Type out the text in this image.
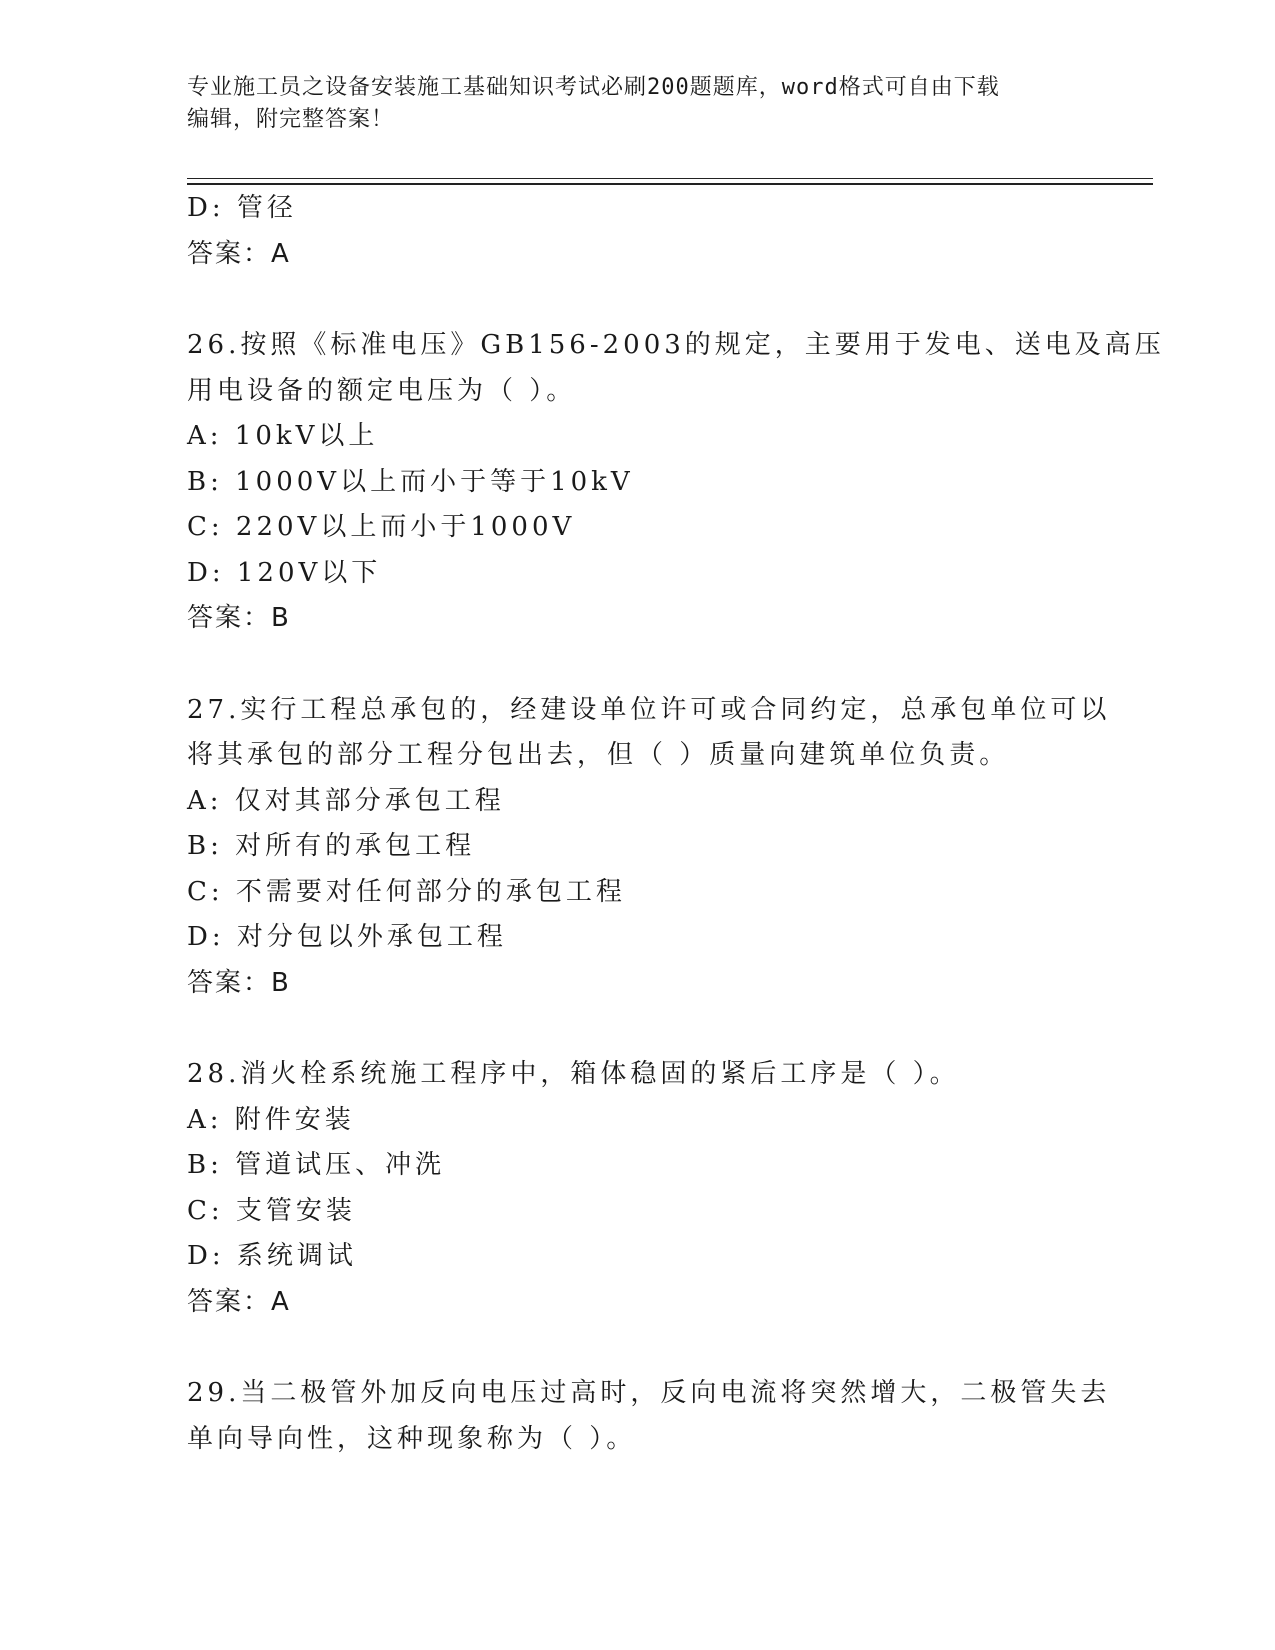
专业施工员之设备安装施工基础知识考试必刷200题题库，word格式可自由下载
编辑，附完整答案！
D: 管径
答案：A
26.按照《标准电压》GB156-2003的规定，主要用于发电、送电及高压
用电设备的额定电压为（ ）。
A: 10kV以上
B: 1000V以上而小于等于10kV
C: 220V以上而小于1000V
D: 120V以下
答案：B
27.实行工程总承包的，经建设单位许可或合同约定，总承包单位可以
将其承包的部分工程分包出去，但（ ）质量向建筑单位负责。
A: 仅对其部分承包工程
B: 对所有的承包工程
C: 不需要对任何部分的承包工程
D: 对分包以外承包工程
答案：B
28.消火栓系统施工程序中，箱体稳固的紧后工序是（ ）。
A: 附件安装
B: 管道试压、冲洗
C: 支管安装
D: 系统调试
答案：A
29.当二极管外加反向电压过高时，反向电流将突然增大，二极管失去
单向导向性，这种现象称为（ ）。
